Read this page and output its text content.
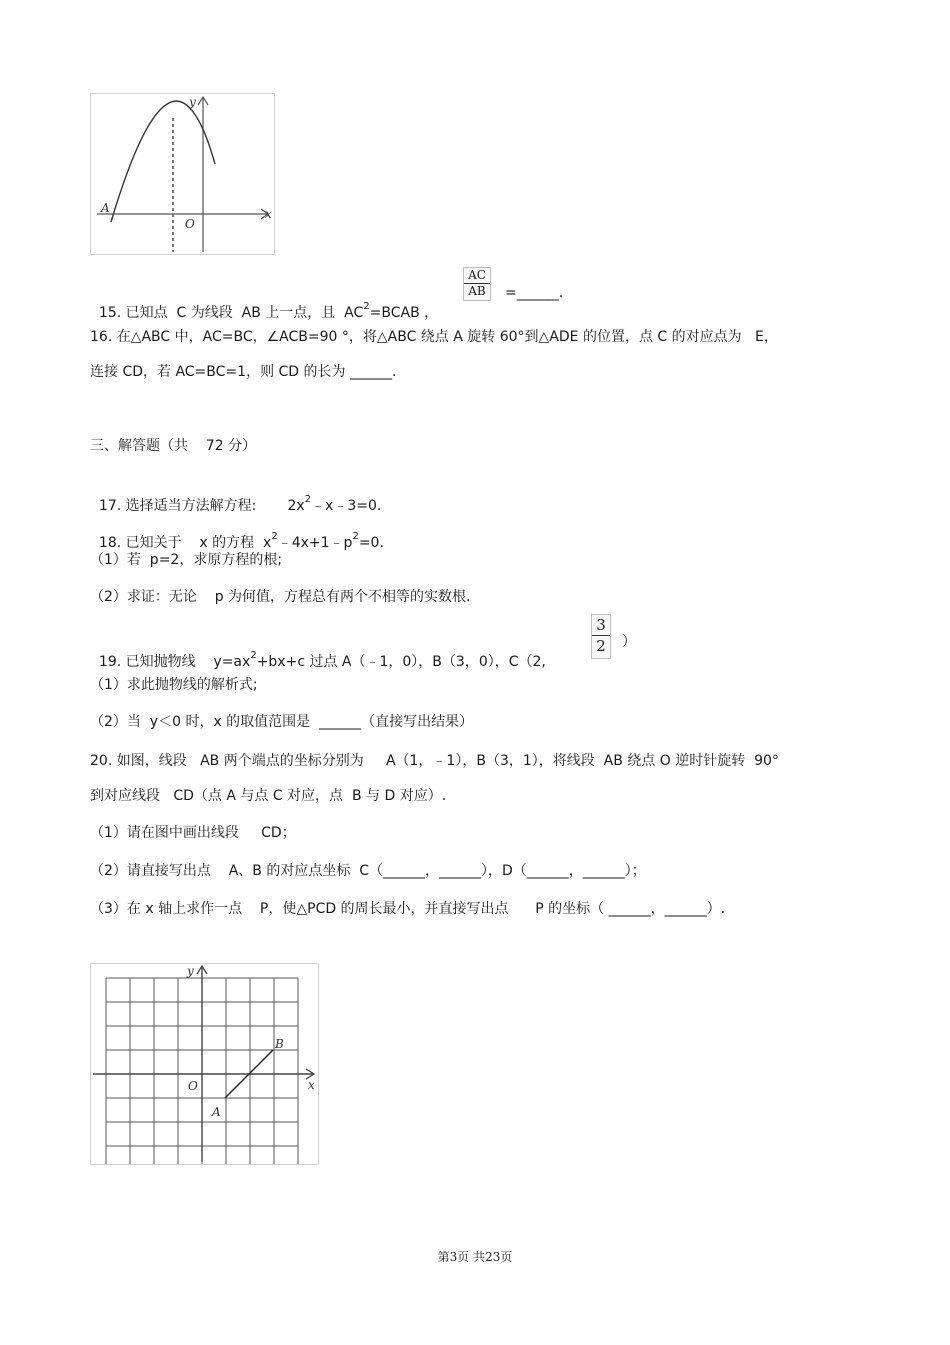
x
y
A
O

15. 已知点  C 为线段  AB 上一点，且  $AC^2=BCAB$ ，

$\frac{AC}{AB}$ =______.
16. 在△ABC 中，AC=BC，∠ACB=90 °，将△ABC 绕点 A 旋转 60°到△ADE 的位置，点 C 的对应点为   E，
连接 CD，若 AC=BC=1，则 CD 的长为 ______.
三、解答题（共    72 分）

17. 选择适当方法解方程:       $2x^2﹣x﹣3=0$.

18. 已知关于    x 的方程  $x^2﹣4x+1﹣p^2=0$.

（1）若  p=2，求原方程的根;
（2）求证：无论    p 为何值，方程总有两个不相等的实数根.

19. 已知抛物线    $y=ax^2+bx+c$ 过点 A（﹣1，0），B（3，0），C（2,

$\frac{3}{2}$ ）
（1）求此抛物线的解析式;
（2）当  y＜0 时，x 的取值范围是  ______（直接写出结果）
20. 如图，线段   AB 两个端点的坐标分别为     A（1，﹣1），B（3，1），将线段  AB 绕点 O 逆时针旋转  90°
到对应线段   CD（点 A 与点 C 对应，点  B 与 D 对应）.
（1）请在图中画出线段     CD；
（2）请直接写出点    A、B 的对应点坐标  C（______，______），D（______，______）；
（3）在 x 轴上求作一点    P，使△PCD 的周长最小，并直接写出点      P 的坐标（ ______，______）.
x
y
O
A
B
第3页 共23页
